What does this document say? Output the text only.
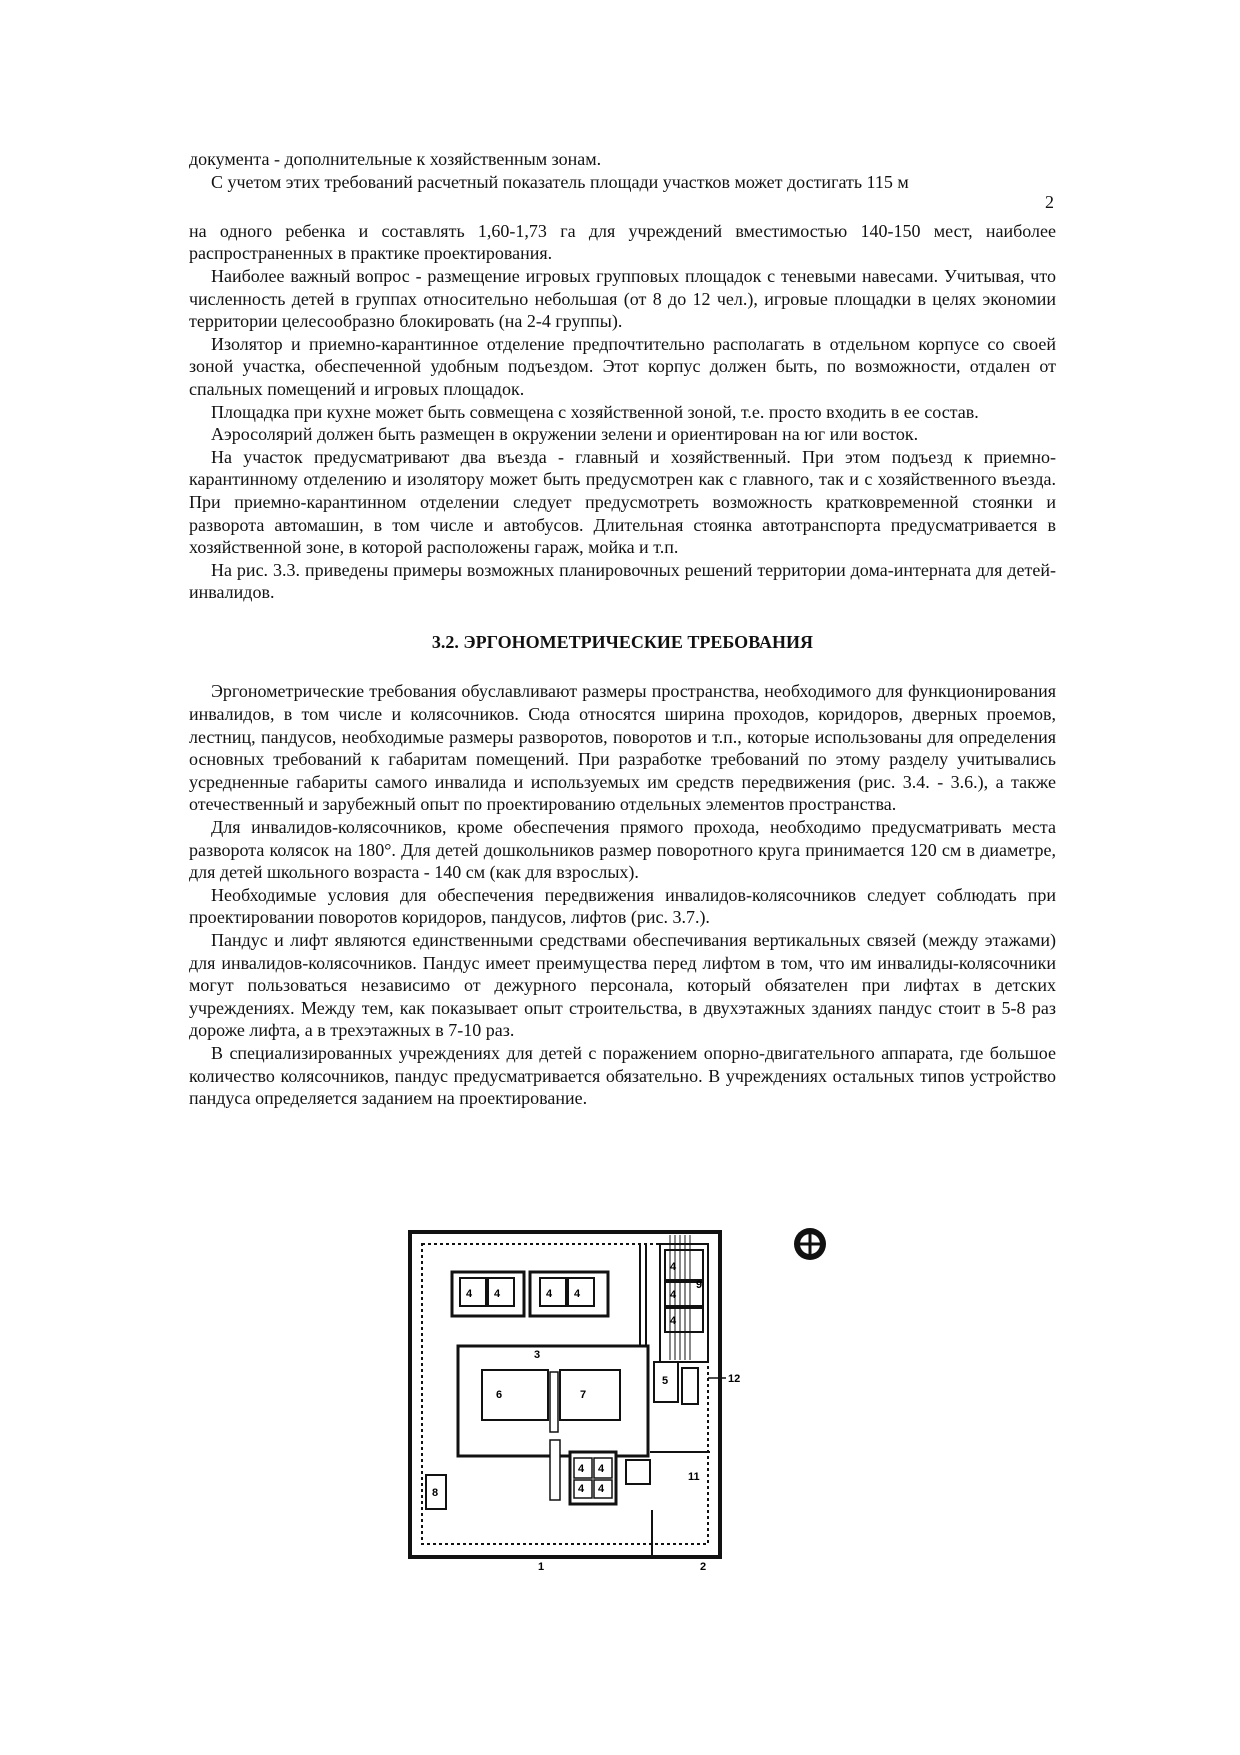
документа - дополнительные к хозяйственным зонам.

С учетом этих требований расчетный показатель площади участков может достигать 115 м

2

на одного ребенка и составлять 1,60-1,73 га для учреждений вместимостью 140-150 мест, наиболее распространенных в практике проектирования.

Наиболее важный вопрос - размещение игровых групповых площадок с теневыми навесами. Учитывая, что численность детей в группах относительно небольшая (от 8 до 12 чел.), игровые площадки в целях экономии территории целесообразно блокировать (на 2-4 группы).

Изолятор и приемно-карантинное отделение предпочтительно располагать в отдельном корпусе со своей зоной участка, обеспеченной удобным подъездом. Этот корпус должен быть, по возможности, отдален от спальных помещений и игровых площадок.

Площадка при кухне может быть совмещена с хозяйственной зоной, т.е. просто входить в ее состав.

Аэросолярий должен быть размещен в окружении зелени и ориентирован на юг или восток.

На участок предусматривают два въезда - главный и хозяйственный. При этом подъезд к приемно-карантинному отделению и изолятору может быть предусмотрен как с главного, так и с хозяйственного въезда. При приемно-карантинном отделении следует предусмотреть возможность кратковременной стоянки и разворота автомашин, в том числе и автобусов. Длительная стоянка автотранспорта предусматривается в хозяйственной зоне, в которой расположены гараж, мойка и т.п.

На рис. 3.3. приведены примеры возможных планировочных решений территории дома-интерната для детей-инвалидов.

3.2. ЭРГОНОМЕТРИЧЕСКИЕ ТРЕБОВАНИЯ

Эргонометрические требования обуславливают размеры пространства, необходимого для функционирования инвалидов, в том числе и колясочников. Сюда относятся ширина проходов, коридоров, дверных проемов, лестниц, пандусов, необходимые размеры разворотов, поворотов и т.п., которые использованы для определения основных требований к габаритам помещений. При разработке требований по этому разделу учитывались усредненные габариты самого инвалида и используемых им средств передвижения (рис. 3.4. - 3.6.), а также отечественный и зарубежный опыт по проектированию отдельных элементов пространства.

Для инвалидов-колясочников, кроме обеспечения прямого прохода, необходимо предусматривать места разворота колясок на 180°. Для детей дошкольников размер поворотного круга принимается 120 см в диаметре, для детей школьного возраста - 140 см (как для взрослых).

Необходимые условия для обеспечения передвижения инвалидов-колясочников следует соблюдать при проектировании поворотов коридоров, пандусов, лифтов (рис. 3.7.).

Пандус и лифт являются единственными средствами обеспечивания вертикальных связей (между этажами) для инвалидов-колясочников. Пандус имеет преимущества перед лифтом в том, что им инвалиды-колясочники могут пользоваться независимо от дежурного персонала, который обязателен при лифтах в детских учреждениях. Между тем, как показывает опыт строительства, в двухэтажных зданиях пандус стоит в 5-8 раз дороже лифта, а в трехэтажных в 7-10 раз.

В специализированных учреждениях для детей с поражением опорно-двигательного аппарата, где большое количество колясочников, пандус предусматривается обязательно. В учреждениях остальных типов устройство пандуса определяется заданием на проектирование.

3
4 4	4 4
4
4
4
4 4
4 4
5
6	7
8
9
11
12
1	2
